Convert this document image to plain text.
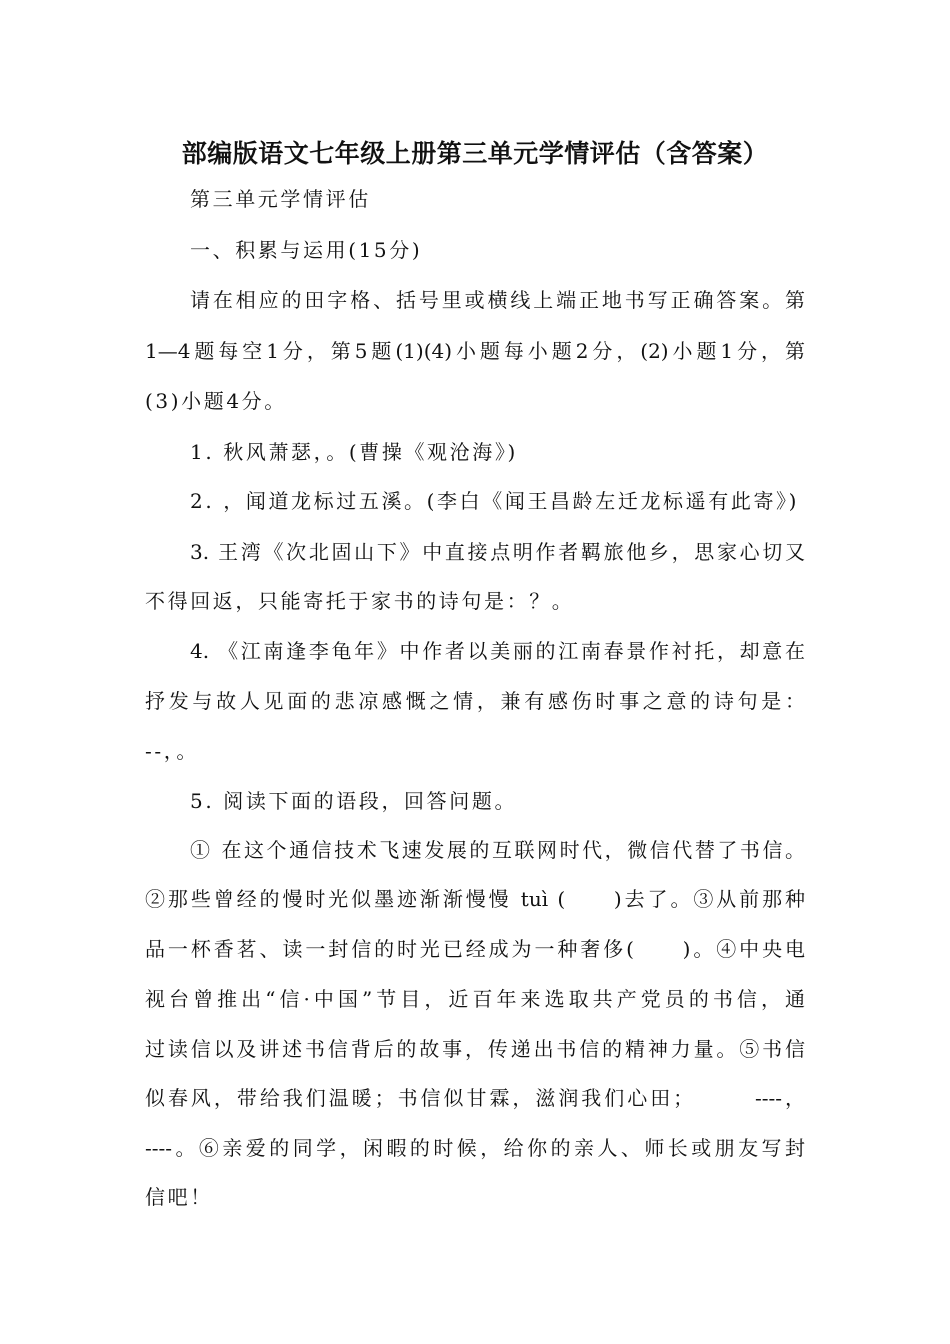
部编版语文七年级上册第三单元学情评估（含答案）

第三单元学情评估

一、积累与运用(15分)

请在相应的田字格、括号里或横线上端正地书写正确答案。第

1—4题每空1分，第5题(1)(4)小题每小题2分，(2)小题1分，第

(3)小题4分。

1. 秋风萧瑟，。(曹操《观沧海》)

2. ，闻道龙标过五溪。(李白《闻王昌龄左迁龙标遥有此寄》)

3. 王湾《次北固山下》中直接点明作者羁旅他乡，思家心切又

不得回返，只能寄托于家书的诗句是：？。

4. 《江南逢李龟年》中作者以美丽的江南春景作衬托，却意在

抒发与故人见面的悲凉感慨之情，兼有感伤时事之意的诗句是：

--，。

5. 阅读下面的语段，回答问题。

① 在这个通信技术飞速发展的互联网时代，微信代替了书信。

②那些曾经的慢时光似墨迹渐渐慢慢 tuì (　　)去了。③从前那种

品一杯香茗、读一封信的时光已经成为一种奢侈(　　)。④中央电

视台曾推出“信·中国”节目，近百年来选取共产党员的书信，通

过读信以及讲述书信背后的故事，传递出书信的精神力量。⑤书信

似春风，带给我们温暖；书信似甘霖，滋润我们心田；　　　----，

----。⑥亲爱的同学，闲暇的时候，给你的亲人、师长或朋友写封

信吧！
